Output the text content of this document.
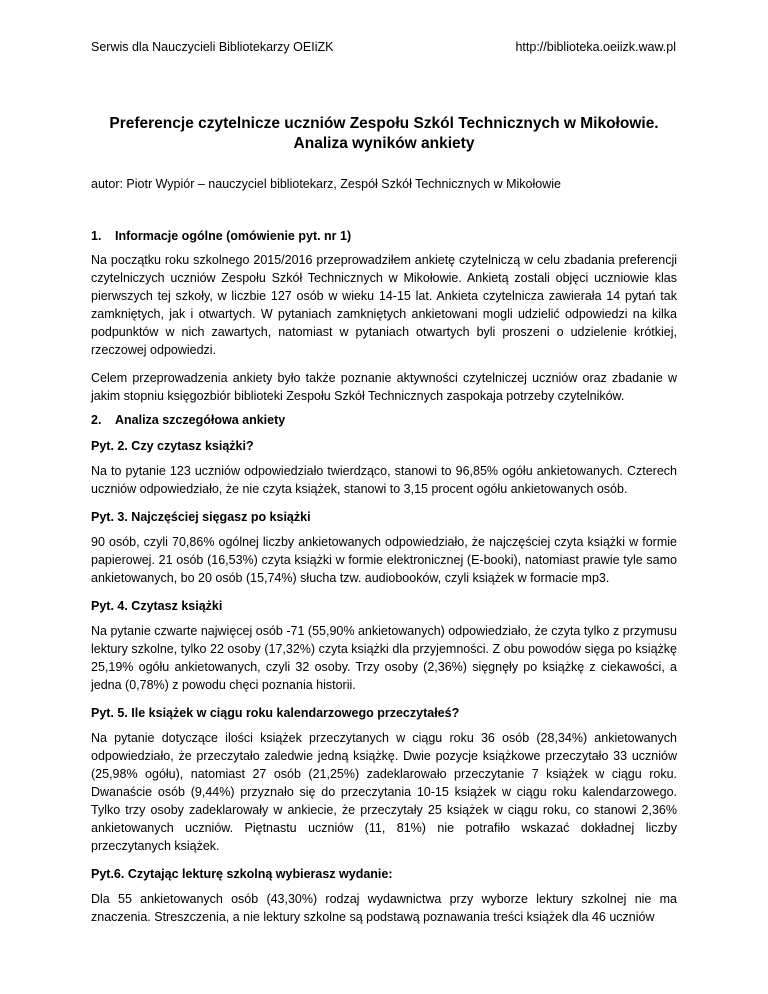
Serwis dla Nauczycieli Bibliotekarzy OEIiZK	http://biblioteka.oeiizk.waw.pl

Preferencje czytelnicze uczniów Zespołu Szkól Technicznych w Mikołowie.
Analiza wyników ankiety

autor: Piotr Wypiór – nauczyciel bibliotekarz, Zespół Szkół Technicznych w Mikołowie

1.	Informacje ogólne (omówienie pyt. nr 1)

Na początku roku szkolnego 2015/2016 przeprowadziłem ankietę czytelniczą w celu zbadania preferencji czytelniczych uczniów Zespołu Szkół Technicznych w Mikołowie. Ankietą zostali objęci uczniowie klas pierwszych tej szkoły, w liczbie 127 osób w wieku 14-15 lat. Ankieta czytelnicza zawierała 14 pytań tak zamkniętych, jak i otwartych. W pytaniach zamkniętych ankietowani mogli udzielić odpowiedzi na kilka podpunktów w nich zawartych, natomiast w pytaniach otwartych byli proszeni o udzielenie krótkiej, rzeczowej odpowiedzi.

Celem przeprowadzenia ankiety było także poznanie aktywności czytelniczej uczniów oraz zbadanie w jakim stopniu księgozbiór biblioteki Zespołu Szkół Technicznych zaspokaja potrzeby czytelników.

2.	Analiza szczegółowa ankiety

Pyt. 2. Czy czytasz książki?

Na to pytanie 123 uczniów odpowiedziało twierdząco, stanowi to 96,85% ogółu ankietowanych. Czterech uczniów odpowiedziało, że nie czyta książek, stanowi to 3,15 procent ogółu ankietowanych osób.

Pyt. 3. Najczęściej sięgasz po książki

90 osób, czyli 70,86% ogólnej liczby ankietowanych odpowiedziało, że najczęściej czyta książki w formie papierowej. 21 osób (16,53%) czyta książki w formie elektronicznej (E-booki), natomiast prawie tyle samo ankietowanych, bo 20 osób (15,74%) słucha tzw. audiobooków, czyli książek w formacie mp3.

Pyt. 4. Czytasz książki

Na pytanie czwarte najwięcej osób -71 (55,90% ankietowanych) odpowiedziało, że czyta tylko z przymusu lektury szkolne, tylko 22 osoby (17,32%) czyta książki dla przyjemności. Z obu powodów sięga po książkę 25,19% ogółu ankietowanych, czyli 32 osoby. Trzy osoby (2,36%) sięgnęły po książkę z ciekawości, a jedna (0,78%) z powodu chęci poznania historii.

Pyt. 5. Ile książek w ciągu roku kalendarzowego przeczytałeś?

Na pytanie dotyczące ilości książek przeczytanych w ciągu roku 36 osób (28,34%) ankietowanych odpowiedziało, że przeczytało zaledwie jedną książkę. Dwie pozycje książkowe przeczytało 33 uczniów (25,98% ogółu), natomiast 27 osób (21,25%) zadeklarowało przeczytanie 7 książek w ciągu roku. Dwanaście osób (9,44%) przyznało się do przeczytania 10-15 książek w ciągu roku kalendarzowego. Tylko trzy osoby zadeklarowały w ankiecie, że przeczytały 25 książek w ciągu roku, co stanowi 2,36% ankietowanych uczniów. Piętnastu uczniów (11, 81%) nie potrafiło wskazać dokładnej liczby przeczytanych książek.

Pyt.6. Czytając lekturę szkolną wybierasz wydanie:

Dla 55 ankietowanych osób (43,30%) rodzaj wydawnictwa przy wyborze lektury szkolnej nie ma znaczenia. Streszczenia, a nie lektury szkolne są podstawą poznawania treści książek dla 46 uczniów
